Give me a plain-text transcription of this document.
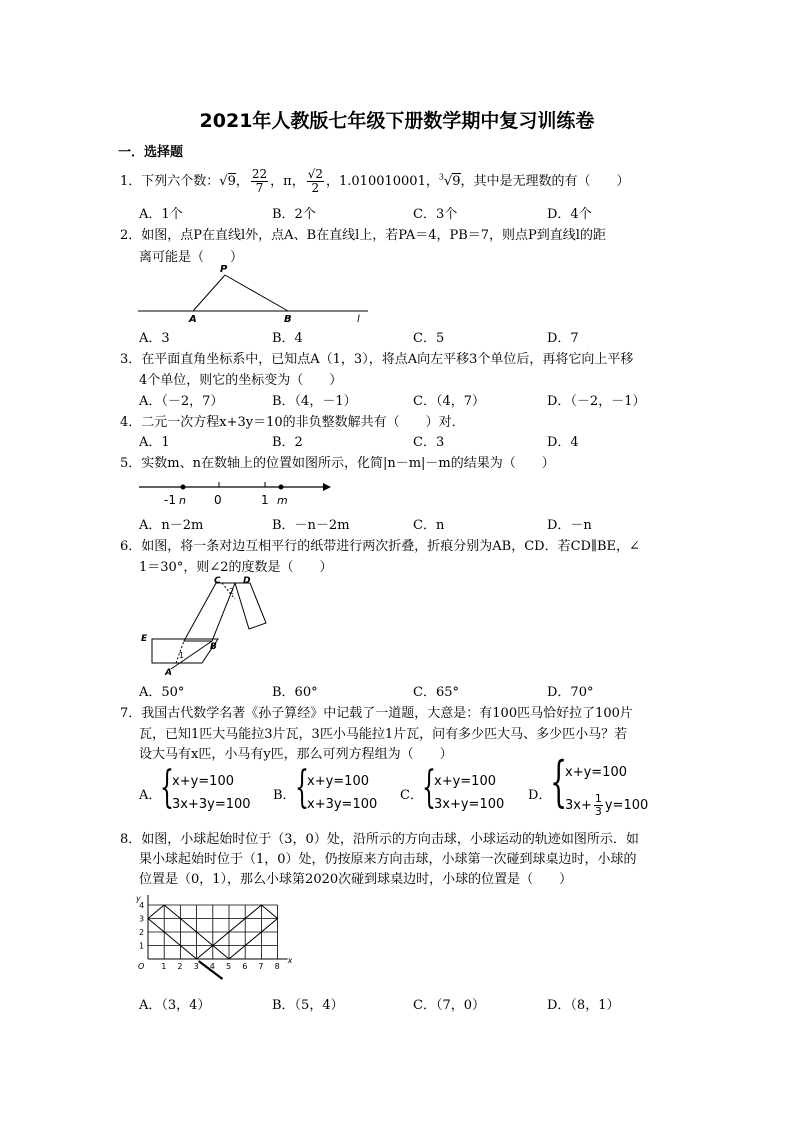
2021年人教版七年级下册数学期中复习训练卷
一．选择题
1．下列六个数：√9， $\frac{22}{7}$ ，π， $\frac{√2}{2}$ ，1.010010001，$^3$√9，其中是无理数的有（　　）
A．1个	B．2个	C．3个	D．4个
2．如图，点P在直线l外，点A、B在直线l上，若PA＝4，PB＝7，则点P到直线l的距
离可能是（　　）
P
A	B	l
A．3	B．4	C．5	D．7
3．在平面直角坐标系中，已知点A（1，3），将点A向左平移3个单位后，再将它向上平移
4个单位，则它的坐标变为（　　）
A．（－2，7）	B．（4，－1）	C．（4，7）	D．（－2，－1）
4．二元一次方程x+3y＝10的非负整数解共有（　　）对．
A．1	B．2	C．3	D．4
5．实数m、n在数轴上的位置如图所示，化简|n－m|－m的结果为（　　）
-1 n 0	1 m
A．n－2m	B．－n－2m	C．n	D．－n
6．如图，将一条对边互相平行的纸带进行两次折叠，折痕分别为AB，CD．若CD∥BE，∠
1＝30°，则∠2的度数是（　　）
C D
2
E
B
1
A
A．50°	B．60°	C．65°	D．70°
7．我国古代数学名著《孙子算经》中记载了一道题，大意是：有100匹马恰好拉了100片
瓦，已知1匹大马能拉3片瓦，3匹小马能拉1片瓦，问有多少匹大马、多少匹小马？若
设大马有x匹，小马有y匹，那么可列方程组为（　　）
A．
{
x+y=100
3x+3y=100
B． {
x+y=100
x+3y=100
C． {
x+y=100
3x+y=100
D．
{
x+y=100
$3x+ \frac{1}{3} y=100$
8．如图，小球起始时位于（3，0）处，沿所示的方向击球，小球运动的轨迹如图所示．如
果小球起始时位于（1，0）处，仍按原来方向击球，小球第一次碰到球桌边时，小球的
位置是（0，1），那么小球第2020次碰到球桌边时，小球的位置是（　　）
y
x
O 1 2 3 4 5 6 7 8
1
2
3
4
A．（3，4）	B．（5，4）	C．（7，0）	D．（8，1）
